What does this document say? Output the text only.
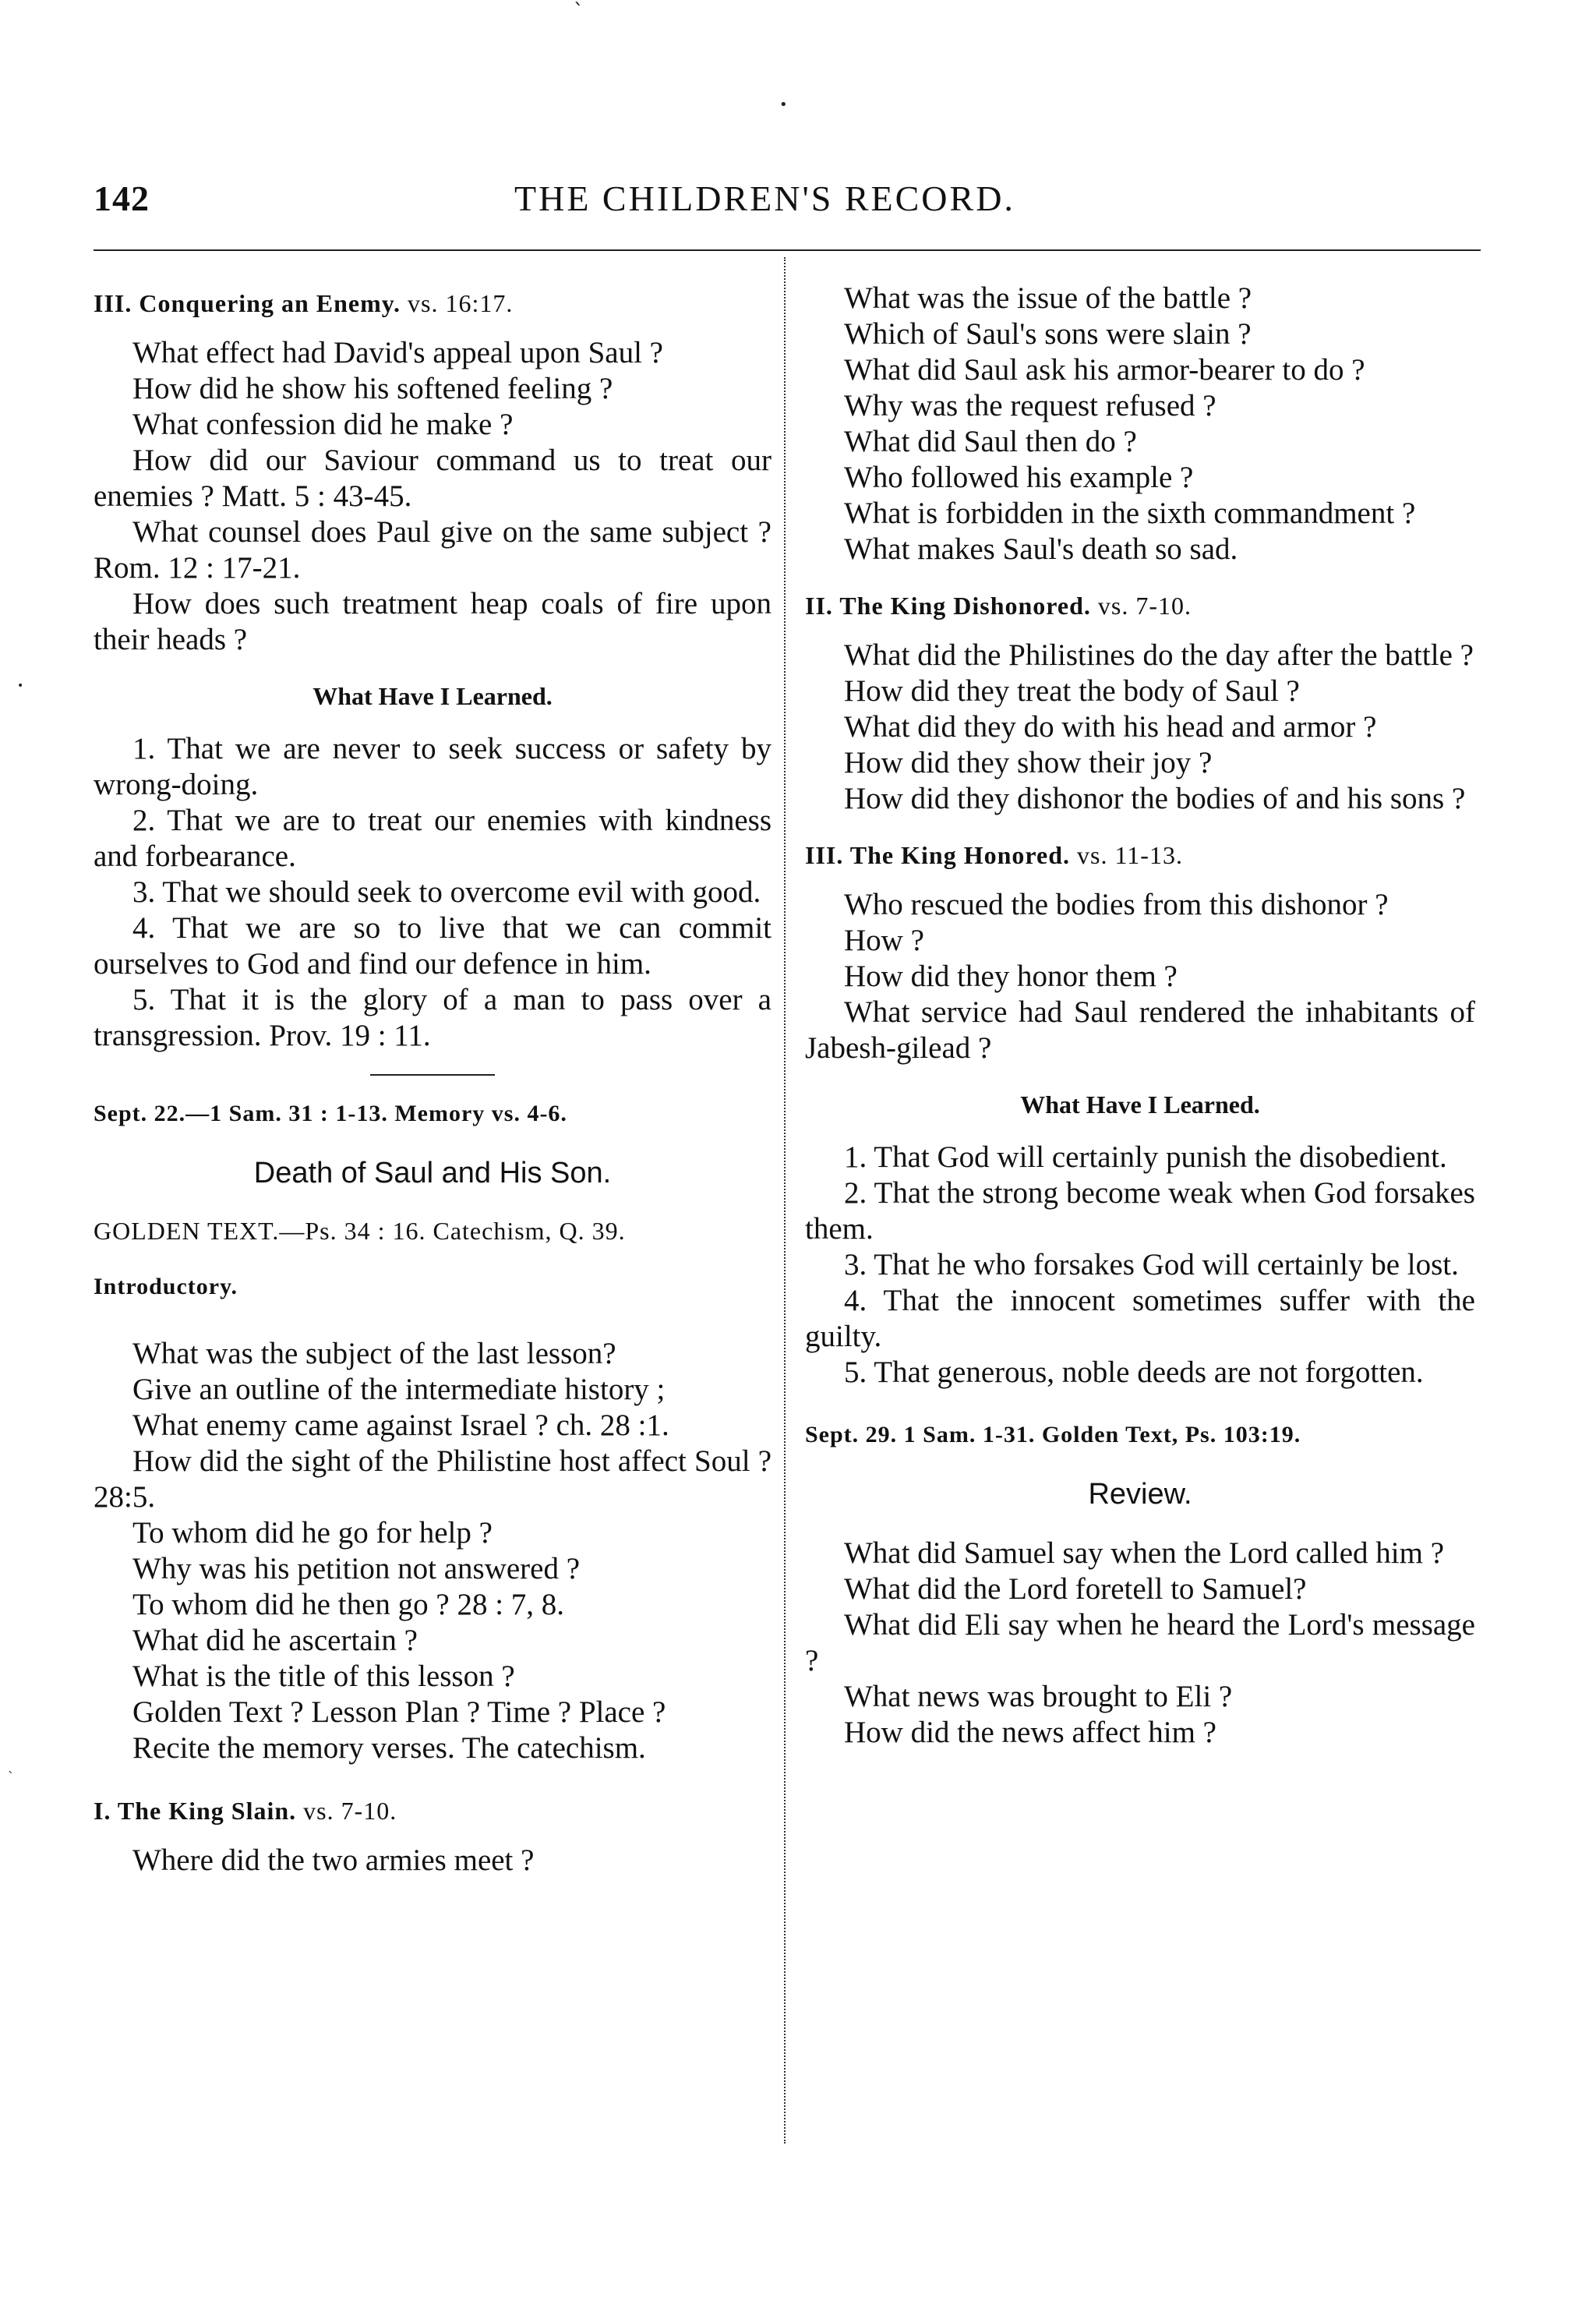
ˋ
•
•
ˋ
142	THE CHILDREN'S RECORD.
III. Conquering an Enemy. vs. 16:17.

What effect had David's appeal upon Saul ?

How did he show his softened feeling ?

What confession did he make ?

How did our Saviour command us to treat our enemies ? Matt. 5 : 43-45.

What counsel does Paul give on the same subject ? Rom. 12 : 17-21.

How does such treatment heap coals of fire upon their heads ?

What Have I Learned.

1. That we are never to seek success or safety by wrong-doing.

2. That we are to treat our enemies with kindness and forbearance.

3. That we should seek to overcome evil with good.

4. That we are so to live that we can commit ourselves to God and find our defence in him.

5. That it is the glory of a man to pass over a transgression. Prov. 19 : 11.

Sept. 22.—1 Sam. 31 : 1-13. Memory vs. 4-6.
Death of Saul and His Son.
GOLDEN TEXT.—Ps. 34 : 16. Catechism, Q. 39.
Introductory.

What was the subject of the last lesson?

Give an outline of the intermediate history ;

What enemy came against Israel ? ch. 28 :1.

How did the sight of the Philistine host affect Soul ? 28:5.

To whom did he go for help ?

Why was his petition not answered ?

To whom did he then go ? 28 : 7, 8.

What did he ascertain ?

What is the title of this lesson ?

Golden Text ? Lesson Plan ? Time ? Place ?

Recite the memory verses. The catechism.

I. The King Slain. vs. 7-10.

Where did the two armies meet ?

What was the issue of the battle ?

Which of Saul's sons were slain ?

What did Saul ask his armor-bearer to do ?

Why was the request refused ?

What did Saul then do ?

Who followed his example ?

What is forbidden in the sixth commandment ?

What makes Saul's death so sad.

II. The King Dishonored. vs. 7-10.

What did the Philistines do the day after the battle ?

How did they treat the body of Saul ?

What did they do with his head and armor ?

How did they show their joy ?

How did they dishonor the bodies of and his sons ?

III. The King Honored. vs. 11-13.

Who rescued the bodies from this dishonor ?

How ?

How did they honor them ?

What service had Saul rendered the inhabitants of Jabesh-gilead ?

What Have I Learned.

1. That God will certainly punish the disobedient.

2. That the strong become weak when God forsakes them.

3. That he who forsakes God will certainly be lost.

4. That the innocent sometimes suffer with the guilty.

5. That generous, noble deeds are not forgotten.

Sept. 29. 1 Sam. 1-31. Golden Text, Ps. 103:19.
Review.

What did Samuel say when the Lord called him ?

What did the Lord foretell to Samuel?

What did Eli say when he heard the Lord's message ?

What news was brought to Eli ?

How did the news affect him ?
